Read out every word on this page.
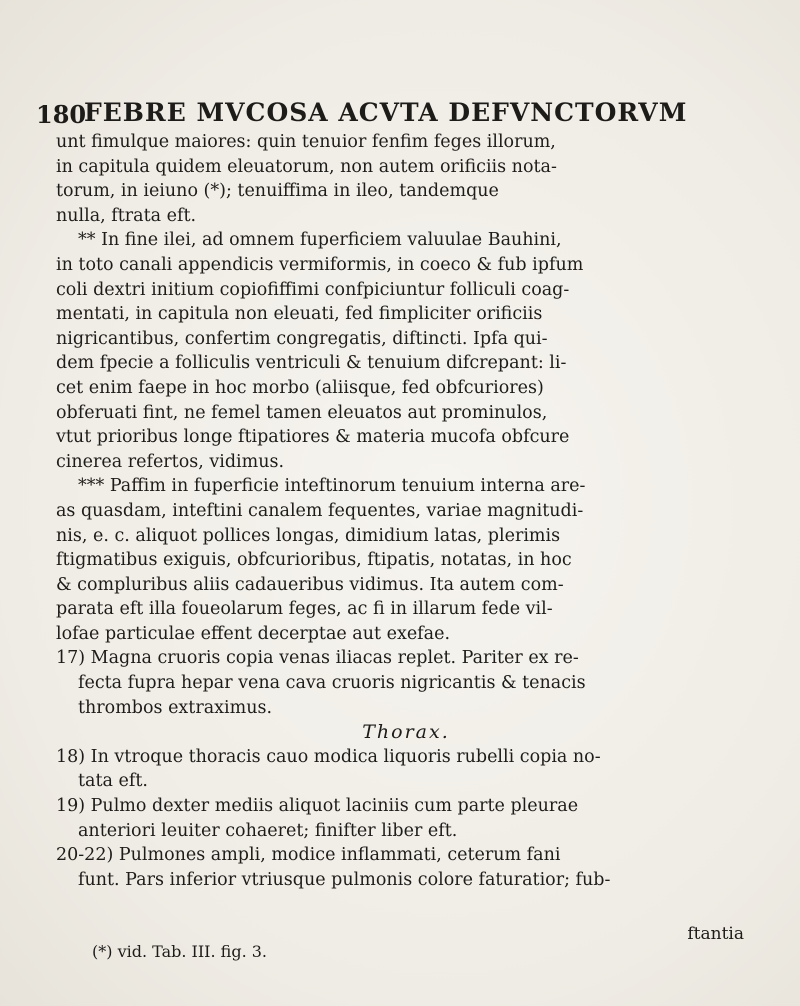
180
FEBRE MVCOSA ACVTA DEFVNCTORVM
unt fimulque maiores: quin tenuior fenfim feges illorum,
in capitula quidem eleuatorum, non autem orificiis nota-
torum, in ieiuno (*); tenuiffima in ileo, tandemque
nulla, ftrata eft.
** In fine ilei, ad omnem fuperficiem valuulae Bauhini,
in toto canali appendicis vermiformis, in coeco & fub ipfum
coli dextri initium copiofiffimi confpiciuntur folliculi coag-
mentati, in capitula non eleuati, fed fimpliciter orificiis
nigricantibus, confertim congregatis, diftincti. Ipfa qui-
dem fpecie a folliculis ventriculi & tenuium difcrepant: li-
cet enim faepe in hoc morbo (aliisque, fed obfcuriores)
obferuati fint, ne femel tamen eleuatos aut prominulos,
vtut prioribus longe ftipatiores & materia mucofa obfcure
cinerea refertos, vidimus.
*** Paffim in fuperficie inteftinorum tenuium interna are-
as quasdam, inteftini canalem fequentes, variae magnitudi-
nis, e. c. aliquot pollices longas, dimidium latas, plerimis
ftigmatibus exiguis, obfcurioribus, ftipatis, notatas, in hoc
& compluribus aliis cadaueribus vidimus. Ita autem com-
parata eft illa foueolarum feges, ac fi in illarum fede vil-
lofae particulae effent decerptae aut exefae.
17) Magna cruoris copia venas iliacas replet. Pariter ex re-
fecta fupra hepar vena cava cruoris nigricantis & tenacis
thrombos extraximus.
Thorax.
18) In vtroque thoracis cauo modica liquoris rubelli copia no-
tata eft.
19) Pulmo dexter mediis aliquot laciniis cum parte pleurae
anteriori leuiter cohaeret; finifter liber eft.
20-22) Pulmones ampli, modice inflammati, ceterum fani
funt. Pars inferior vtriusque pulmonis colore faturatior; fub-
ftantia
(*) vid. Tab. III. fig. 3.
